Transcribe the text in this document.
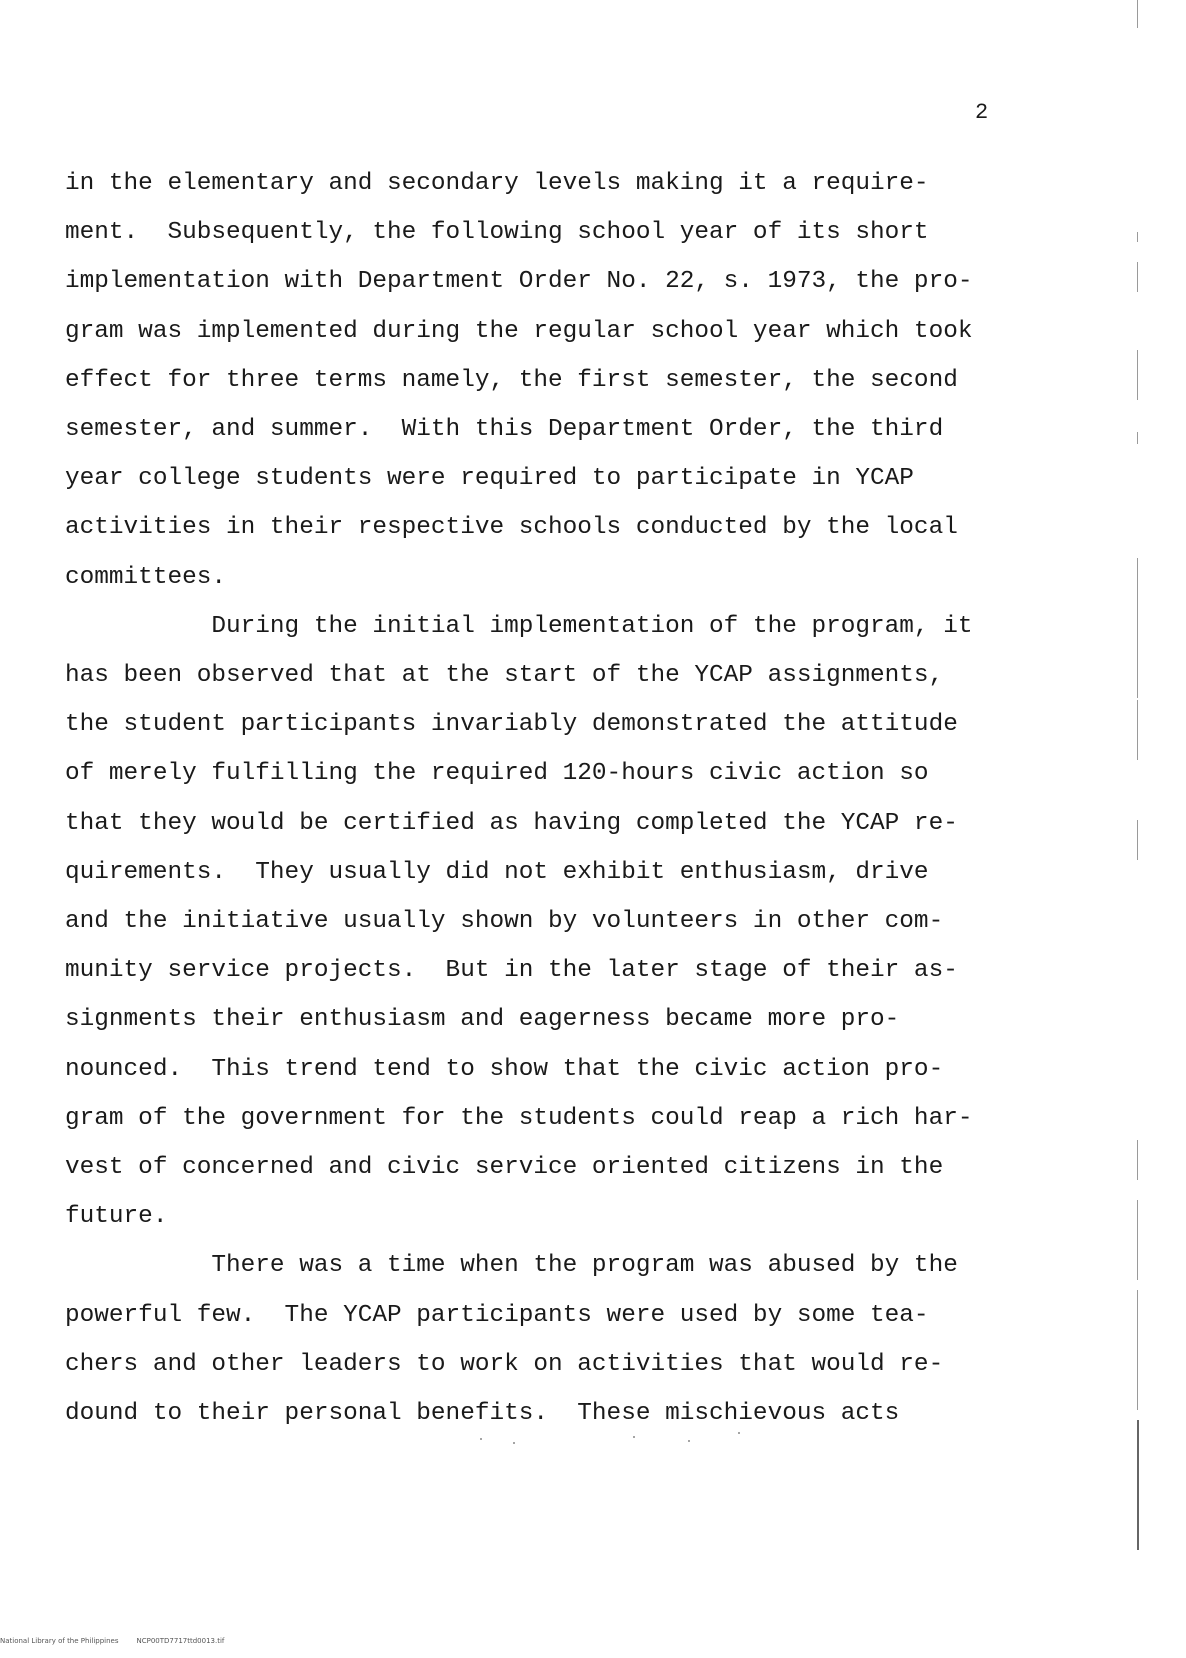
2
in the elementary and secondary levels making it a require-
ment.  Subsequently, the following school year of its short
implementation with Department Order No. 22, s. 1973, the pro-
gram was implemented during the regular school year which took
effect for three terms namely, the first semester, the second
semester, and summer.  With this Department Order, the third
year college students were required to participate in YCAP
activities in their respective schools conducted by the local
committees.
During the initial implementation of the program, it
has been observed that at the start of the YCAP assignments,
the student participants invariably demonstrated the attitude
of merely fulfilling the required 120-hours civic action so
that they would be certified as having completed the YCAP re-
quirements.  They usually did not exhibit enthusiasm, drive
and the initiative usually shown by volunteers in other com-
munity service projects.  But in the later stage of their as-
signments their enthusiasm and eagerness became more pro-
nounced.  This trend tend to show that the civic action pro-
gram of the government for the students could reap a rich har-
vest of concerned and civic service oriented citizens in the
future.
There was a time when the program was abused by the
powerful few.  The YCAP participants were used by some tea-
chers and other leaders to work on activities that would re-
dound to their personal benefits.  These mischievous acts
National Library of the Philippines	NCP00TD7717ttd0013.tif
